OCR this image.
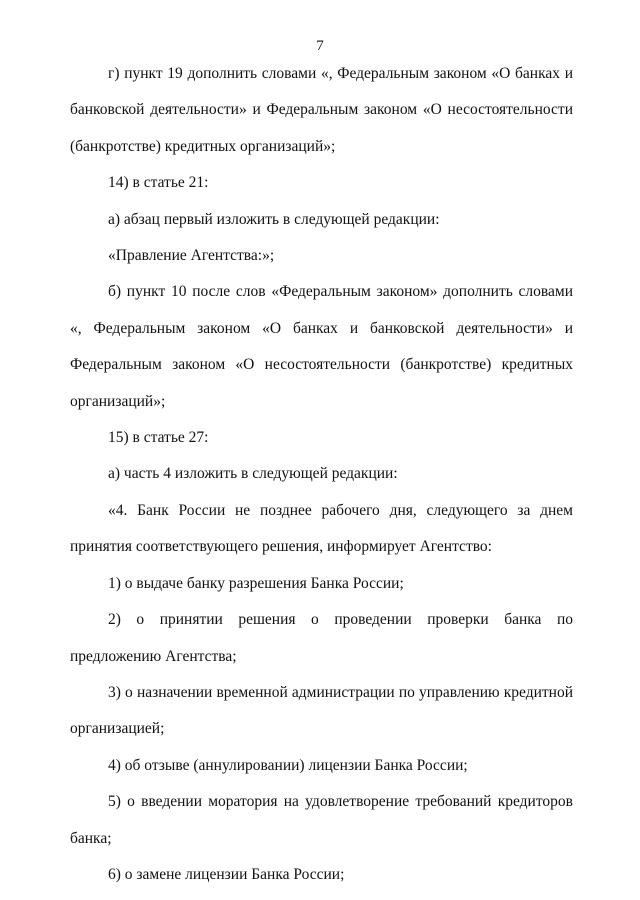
7

г) пункт 19 дополнить словами «, Федеральным законом «О банках и банковской деятельности» и Федеральным законом «О несостоятельности (банкротстве) кредитных организаций»;

14) в статье 21:

а) абзац первый изложить в следующей редакции:

«Правление Агентства:»;

б) пункт 10 после слов «Федеральным законом» дополнить словами «, Федеральным законом «О банках и банковской деятельности» и Федеральным законом «О несостоятельности (банкротстве) кредитных организаций»;

15) в статье 27:

а) часть 4 изложить в следующей редакции:

«4. Банк России не позднее рабочего дня, следующего за днем принятия соответствующего решения, информирует Агентство:

1) о выдаче банку разрешения Банка России;

2) о принятии решения о проведении проверки банка по предложению Агентства;

3) о назначении временной администрации по управлению кредитной организацией;

4) об отзыве (аннулировании) лицензии Банка России;

5) о введении моратория на удовлетворение требований кредиторов банка;

6) о замене лицензии Банка России;
